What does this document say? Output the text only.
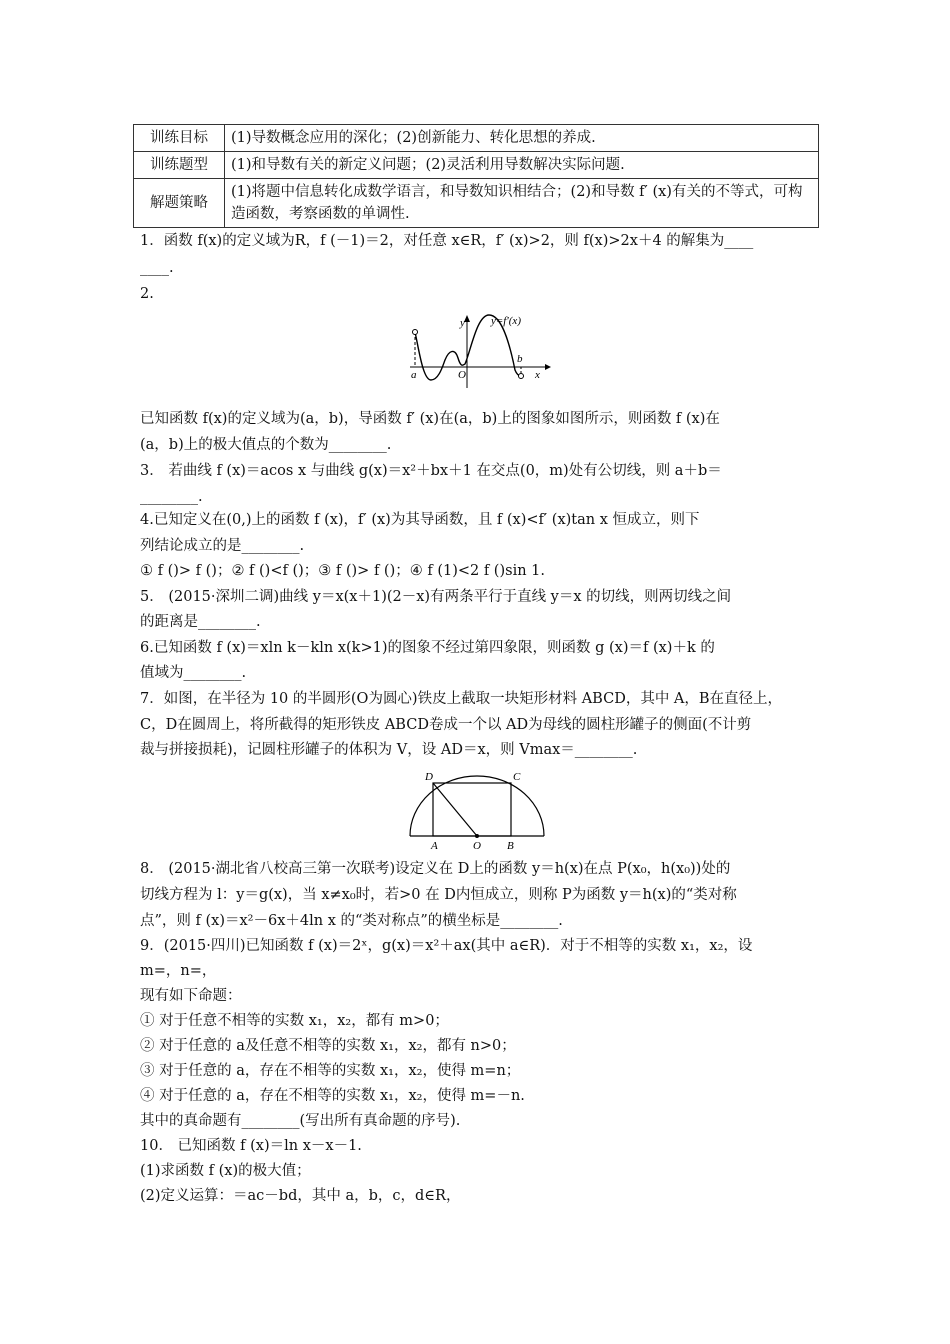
训练目标	(1)导数概念应用的深化；(2)创新能力、转化思想的养成.
训练题型	(1)和导数有关的新定义问题；(2)灵活利用导数解决实际问题.
解题策略	(1)将题中信息转化成数学语言，和导数知识相结合；(2)和导数 f′ (x)有关的不等式，可构造函数，考察函数的单调性.
1．函数 f(x)的定义域为R，f (－1)＝2，对任意 x∈R，f′ (x)>2，则 f(x)>2x＋4 的解集为____
____.
2.
y y=f′(x)
x
a	O
b
已知函数 f(x)的定义域为(a，b)，导函数 f′ (x)在(a，b)上的图象如图所示，则函数 f (x)在
(a，b)上的极大值点的个数为________.
3． 若曲线 f (x)＝acos x 与曲线 g(x)＝x²＋bx＋1 在交点(0，m)处有公切线，则 a＋b＝
________.
4.已知定义在(0,)上的函数 f (x)，f′ (x)为其导函数，且 f (x)<f′ (x)tan x 恒成立，则下
列结论成立的是________.
① f ()> f ()；② f ()<f ()；③ f ()> f ()；④ f (1)<2 f ()sin 1.
5． (2015·深圳二调)曲线 y＝x(x＋1)(2－x)有两条平行于直线 y＝x 的切线，则两切线之间
的距离是________.
6.已知函数 f (x)＝xln k－kln x(k>1)的图象不经过第四象限，则函数 g (x)＝f (x)＋k 的
值域为________.
7．如图，在半径为 10 的半圆形(O为圆心)铁皮上截取一块矩形材料 ABCD，其中 A，B在直径上，
C，D在圆周上，将所截得的矩形铁皮 ABCD卷成一个以 AD为母线的圆柱形罐子的侧面(不计剪
裁与拼接损耗)，记圆柱形罐子的体积为 V，设 AD＝x，则 Vmax＝________.
D	C
A	O B
8． (2015·湖北省八校高三第一次联考)设定义在 D上的函数 y＝h(x)在点 P(x₀，h(x₀))处的
切线方程为 l：y＝g(x)，当 x≠x₀时，若>0 在 D内恒成立，则称 P为函数 y＝h(x)的“类对称
点”，则 f (x)＝x²－6x＋4ln x 的“类对称点”的横坐标是________.
9．(2015·四川)已知函数 f (x)＝2ˣ，g(x)＝x²＋ax(其中 a∈R)．对于不相等的实数 x₁，x₂，设
m=，n=，
现有如下命题：
① 对于任意不相等的实数 x₁，x₂，都有 m>0；
② 对于任意的 a及任意不相等的实数 x₁，x₂，都有 n>0；
③ 对于任意的 a，存在不相等的实数 x₁，x₂，使得 m=n；
④ 对于任意的 a，存在不相等的实数 x₁，x₂，使得 m=－n.
其中的真命题有________(写出所有真命题的序号).
10． 已知函数 f (x)＝ln x－x－1.
(1)求函数 f (x)的极大值；
(2)定义运算：＝ac－bd，其中 a，b，c，d∈R，
